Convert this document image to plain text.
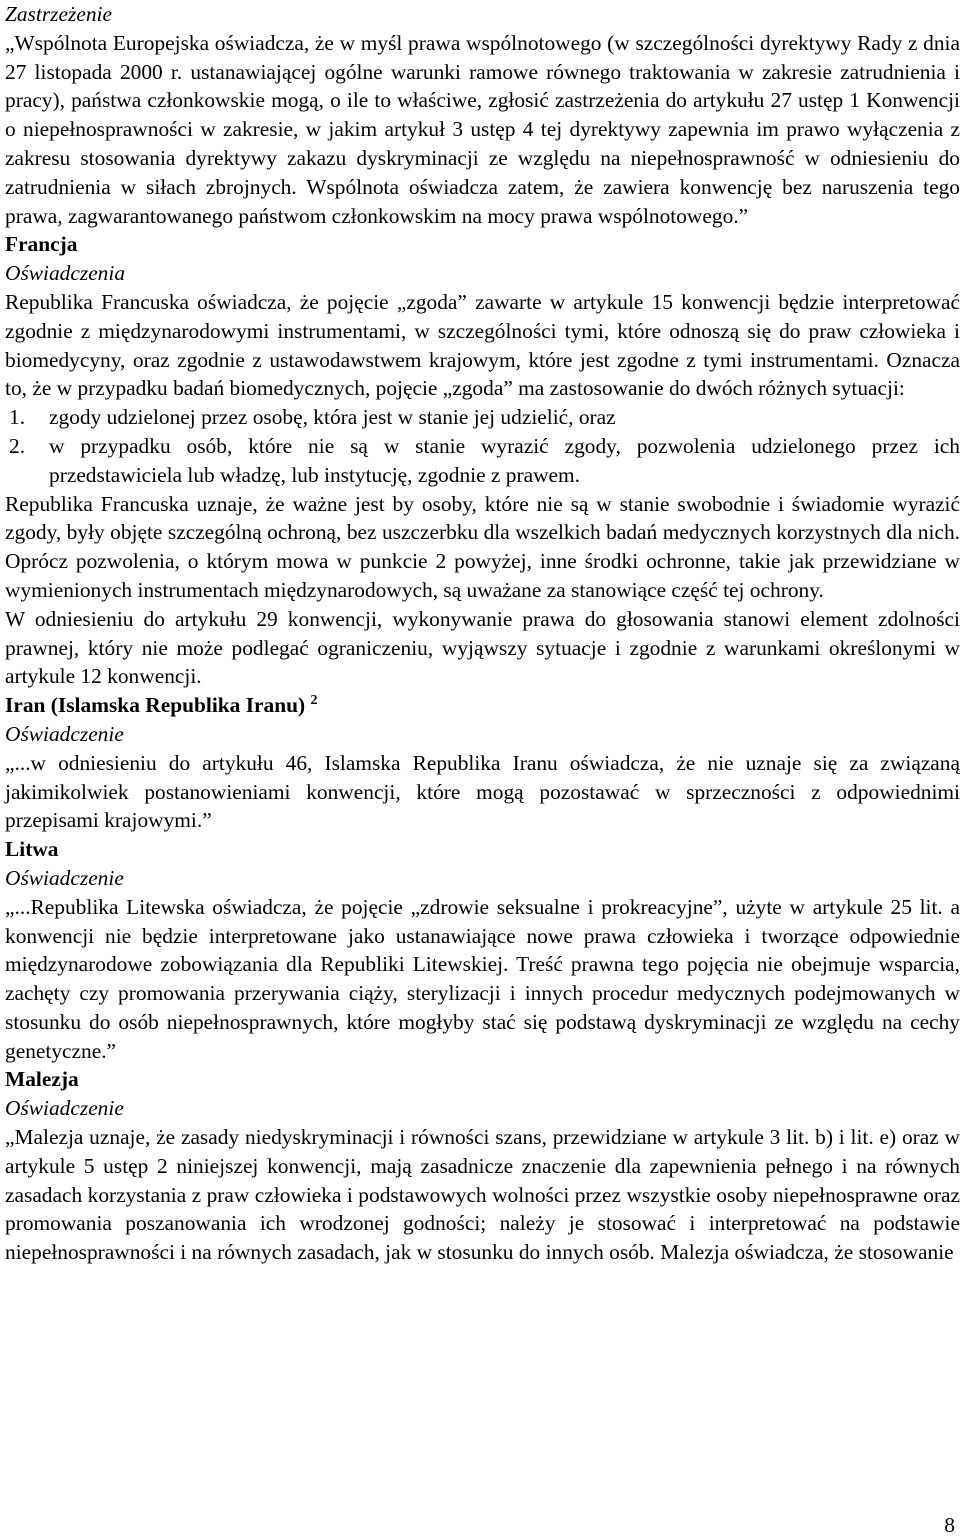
Zastrzeżenie

„Wspólnota Europejska oświadcza, że w myśl prawa wspólnotowego (w szczególności dyrektywy Rady z dnia 27 listopada 2000 r. ustanawiającej ogólne warunki ramowe równego traktowania w zakresie zatrudnienia i pracy), państwa członkowskie mogą, o ile to właściwe, zgłosić zastrzeżenia do artykułu 27 ustęp 1 Konwencji o niepełnosprawności w zakresie, w jakim artykuł 3 ustęp 4 tej dyrektywy zapewnia im prawo wyłączenia z zakresu stosowania dyrektywy zakazu dyskryminacji ze względu na niepełnosprawność w odniesieniu do zatrudnienia w siłach zbrojnych. Wspólnota oświadcza zatem, że zawiera konwencję bez naruszenia tego prawa, zagwarantowanego państwom członkowskim na mocy prawa wspólnotowego.”

Francja

Oświadczenia

Republika Francuska oświadcza, że pojęcie „zgoda” zawarte w artykule 15 konwencji będzie interpretować zgodnie z międzynarodowymi instrumentami, w szczególności tymi, które odnoszą się do praw człowieka i biomedycyny, oraz zgodnie z ustawodawstwem krajowym, które jest zgodne z tymi instrumentami. Oznacza to, że w przypadku badań biomedycznych, pojęcie „zgoda” ma zastosowanie do dwóch różnych sytuacji:

1. zgody udzielonej przez osobę, która jest w stanie jej udzielić, oraz
2. w przypadku osób, które nie są w stanie wyrazić zgody, pozwolenia udzielonego przez ich przedstawiciela lub władzę, lub instytucję, zgodnie z prawem.

Republika Francuska uznaje, że ważne jest by osoby, które nie są w stanie swobodnie i świadomie wyrazić zgody, były objęte szczególną ochroną, bez uszczerbku dla wszelkich badań medycznych korzystnych dla nich. Oprócz pozwolenia, o którym mowa w punkcie 2 powyżej, inne środki ochronne, takie jak przewidziane w wymienionych instrumentach międzynarodowych, są uważane za stanowiące część tej ochrony.

W odniesieniu do artykułu 29 konwencji, wykonywanie prawa do głosowania stanowi element zdolności prawnej, który nie może podlegać ograniczeniu, wyjąwszy sytuacje i zgodnie z warunkami określonymi w artykule 12 konwencji.

Iran (Islamska Republika Iranu) $^2$

Oświadczenie

„...w odniesieniu do artykułu 46, Islamska Republika Iranu oświadcza, że nie uznaje się za związaną jakimikolwiek postanowieniami konwencji, które mogą pozostawać w sprzeczności z odpowiednimi przepisami krajowymi.”

Litwa

Oświadczenie

„...Republika Litewska oświadcza, że pojęcie „zdrowie seksualne i prokreacyjne”, użyte w artykule 25 lit. a konwencji nie będzie interpretowane jako ustanawiające nowe prawa człowieka i tworzące odpowiednie międzynarodowe zobowiązania dla Republiki Litewskiej. Treść prawna tego pojęcia nie obejmuje wsparcia, zachęty czy promowania przerywania ciąży, sterylizacji i innych procedur medycznych podejmowanych w stosunku do osób niepełnosprawnych, które mogłyby stać się podstawą dyskryminacji ze względu na cechy genetyczne.”

Malezja

Oświadczenie

„Malezja uznaje, że zasady niedyskryminacji i równości szans, przewidziane w artykule 3 lit. b) i lit. e) oraz w artykule 5 ustęp 2 niniejszej konwencji, mają zasadnicze znaczenie dla zapewnienia pełnego i na równych zasadach korzystania z praw człowieka i podstawowych wolności przez wszystkie osoby niepełnosprawne oraz promowania poszanowania ich wrodzonej godności; należy je stosować i interpretować na podstawie niepełnosprawności i na równych zasadach, jak w stosunku do innych osób. Malezja oświadcza, że stosowanie

8
